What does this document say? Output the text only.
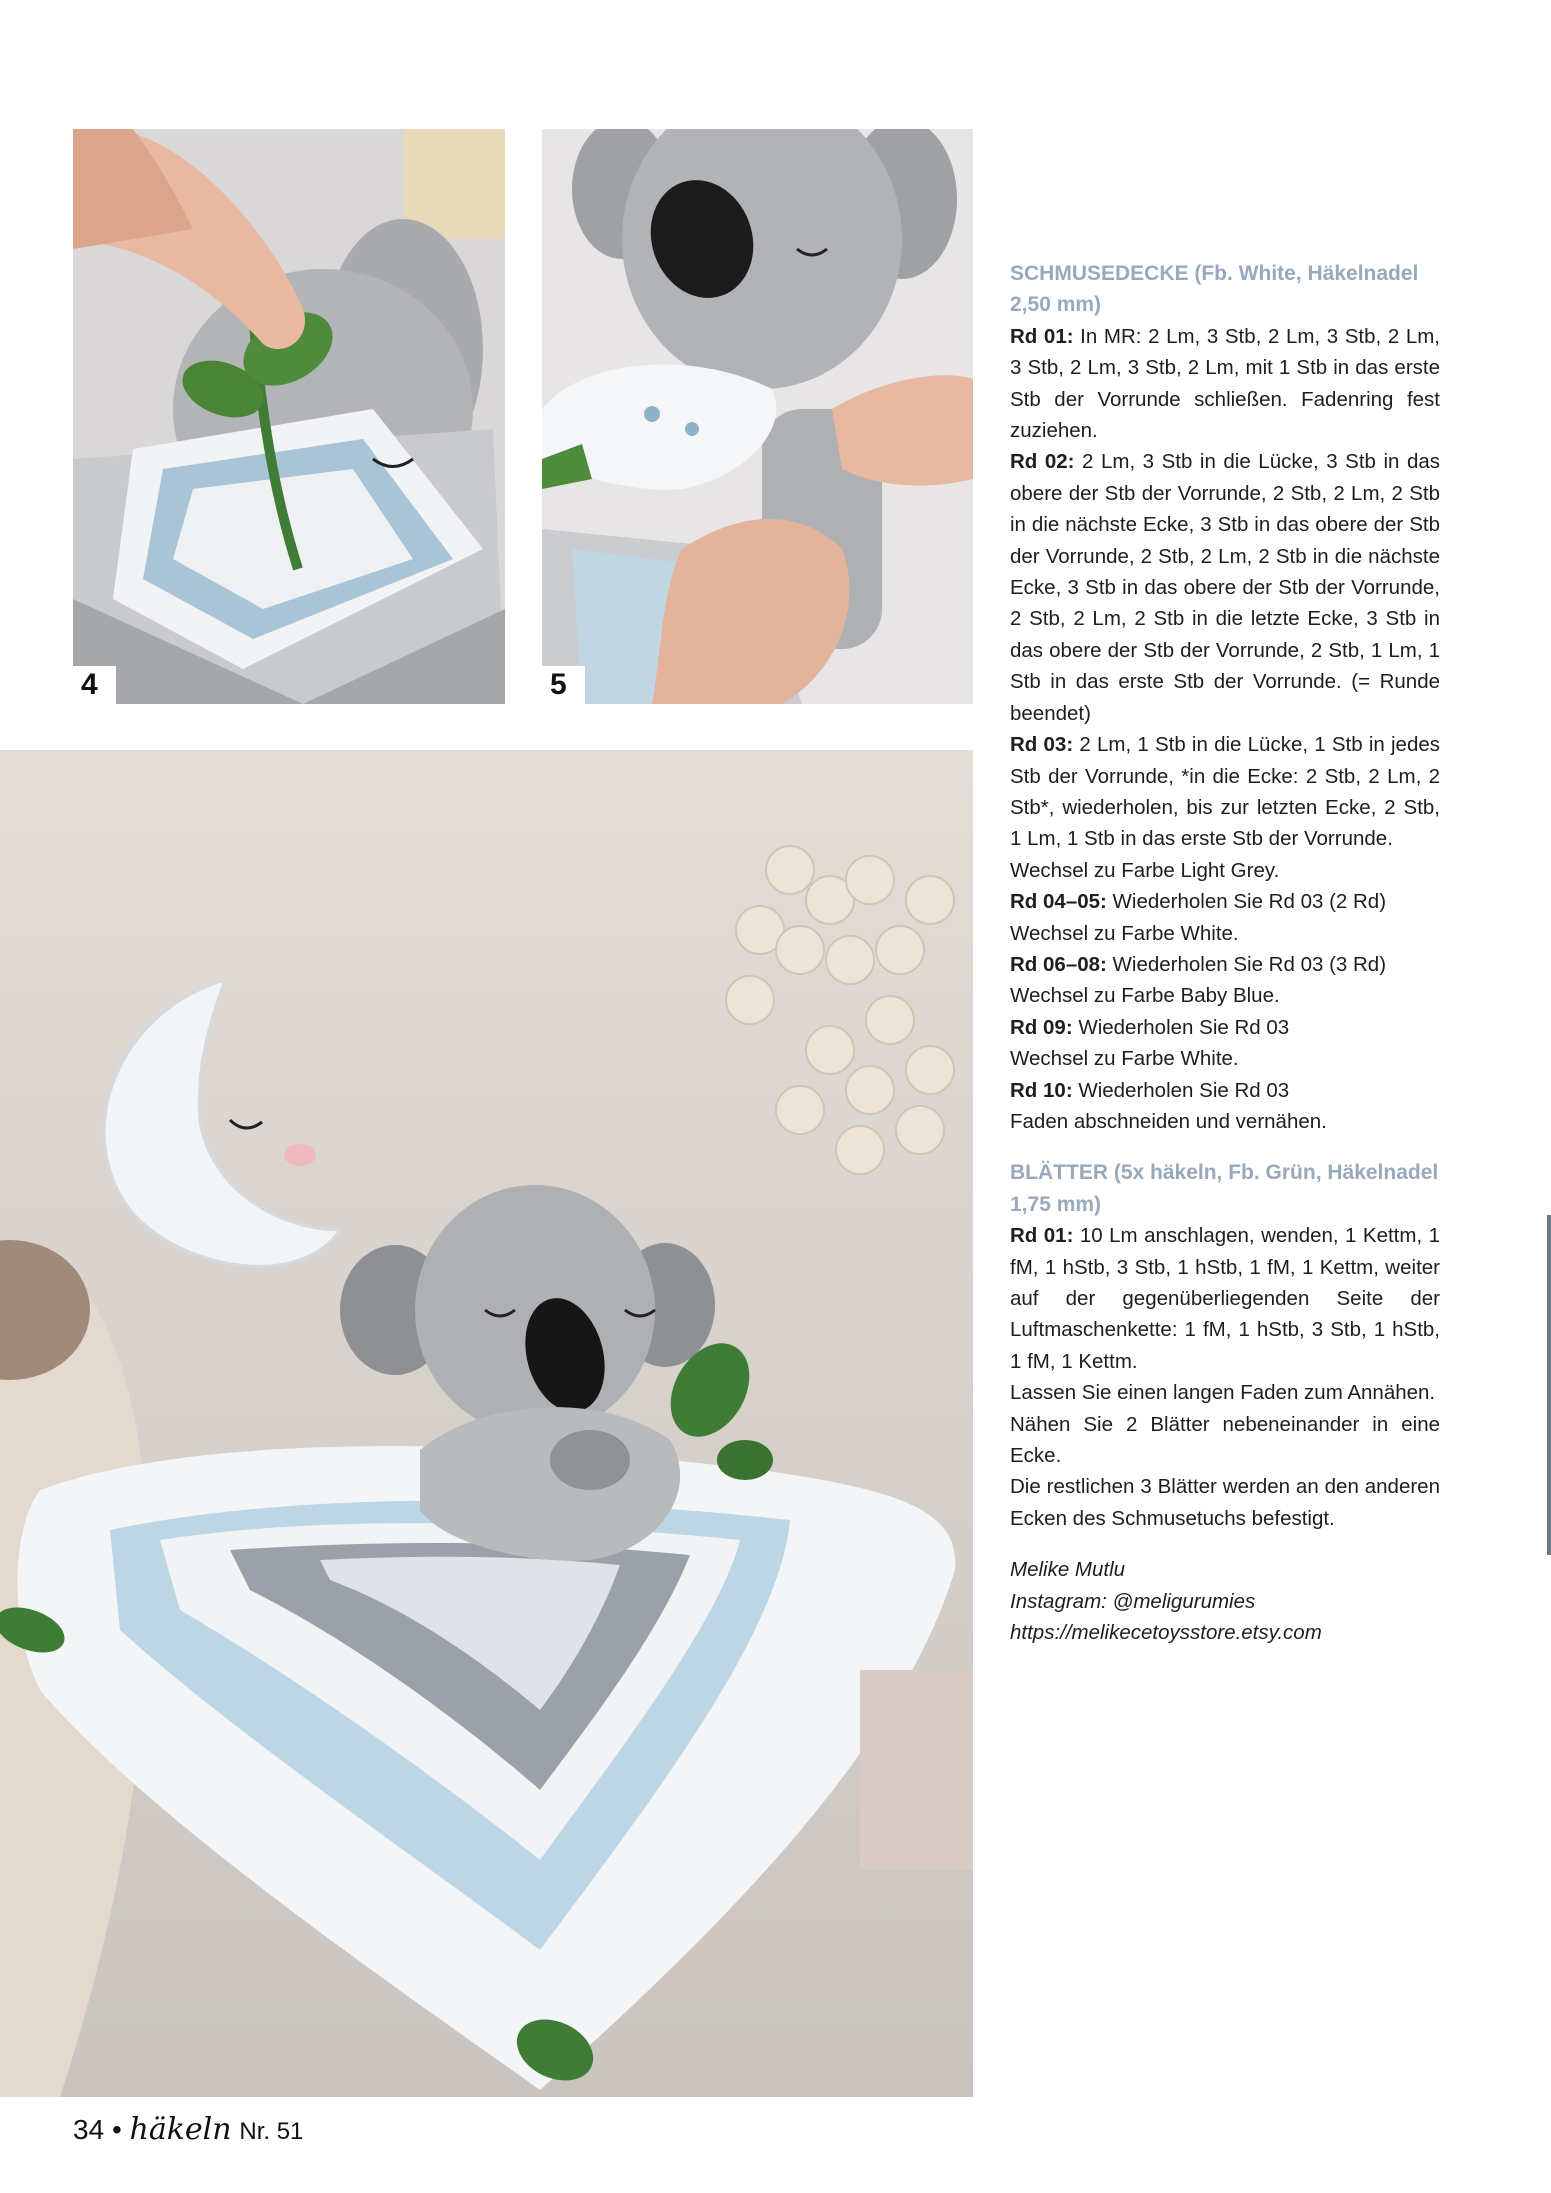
4	5
SCHMUSEDECKE (Fb. White, Häkelnadel 2,50 mm)

Rd 01: In MR: 2 Lm, 3 Stb, 2 Lm, 3 Stb, 2 Lm, 3 Stb, 2 Lm, 3 Stb, 2 Lm, mit 1 Stb in das erste Stb der Vorrunde schließen. Fadenring fest zuziehen.

Rd 02: 2 Lm, 3 Stb in die Lücke, 3 Stb in das obere der Stb der Vorrunde, 2 Stb, 2 Lm, 2 Stb in die nächste Ecke, 3 Stb in das obere der Stb der Vorrunde, 2 Stb, 2 Lm, 2 Stb in die nächste Ecke, 3 Stb in das obere der Stb der Vorrunde, 2 Stb, 2 Lm, 2 Stb in die letzte Ecke, 3 Stb in das obere der Stb der Vorrunde, 2 Stb, 1 Lm, 1 Stb in das erste Stb der Vorrunde. (= Runde beendet)

Rd 03: 2 Lm, 1 Stb in die Lücke, 1 Stb in jedes Stb der Vorrunde, *in die Ecke: 2 Stb, 2 Lm, 2 Stb*, wiederholen, bis zur letzten Ecke, 2 Stb, 1 Lm, 1 Stb in das erste Stb der Vorrunde.

Wechsel zu Farbe Light Grey.

Rd 04–05: Wiederholen Sie Rd 03 (2 Rd)

Wechsel zu Farbe White.

Rd 06–08: Wiederholen Sie Rd 03 (3 Rd)

Wechsel zu Farbe Baby Blue.

Rd 09: Wiederholen Sie Rd 03

Wechsel zu Farbe White.

Rd 10: Wiederholen Sie Rd 03

Faden abschneiden und vernähen.

BLÄTTER (5x häkeln, Fb. Grün, Häkelnadel 1,75 mm)

Rd 01: 10 Lm anschlagen, wenden, 1 Kettm, 1 fM, 1 hStb, 3 Stb, 1 hStb, 1 fM, 1 Kettm, weiter auf der gegenüberliegenden Seite der Luftmaschenkette: 1 fM, 1 hStb, 3 Stb, 1 hStb, 1 fM, 1 Kettm.

Lassen Sie einen langen Faden zum Annähen.

Nähen Sie 2 Blätter nebeneinander in eine Ecke.

Die restlichen 3 Blätter werden an den anderen Ecken des Schmusetuchs befestigt.

Melike Mutlu

Instagram: @meligurumies

https://melikecetoysstore.etsy.com

34 • häkeln Nr. 51
